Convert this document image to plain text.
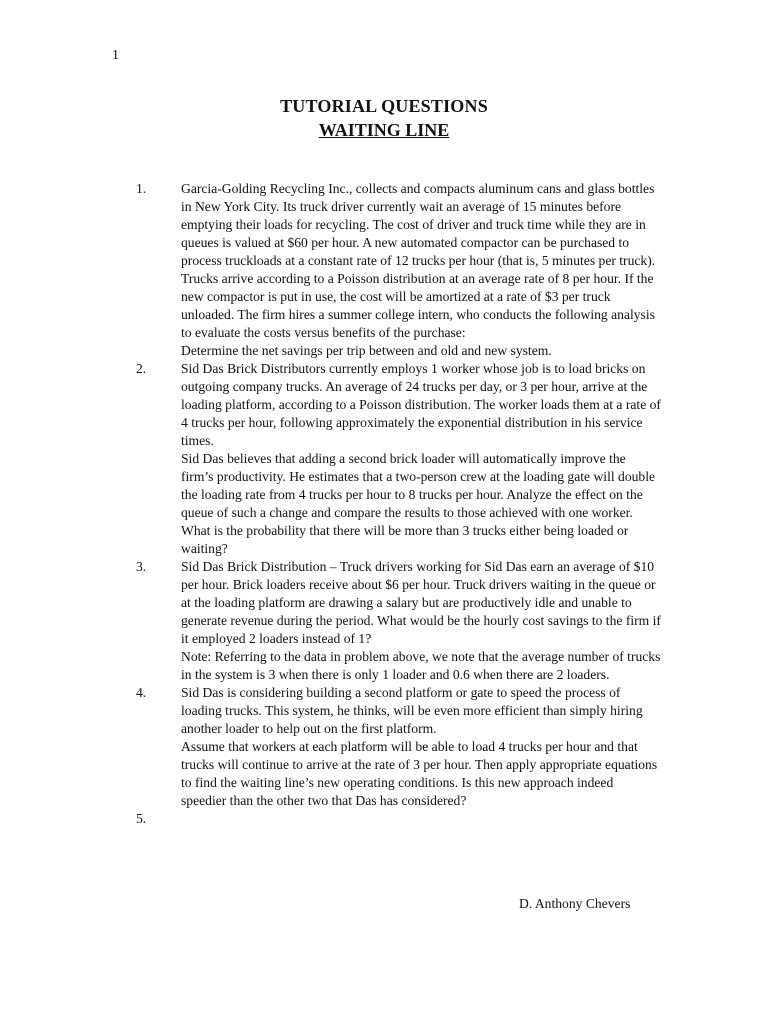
1
TUTORIAL QUESTIONS
WAITING LINE
1.	Garcia-Golding Recycling Inc., collects and compacts aluminum cans and glass bottles in New York City. Its truck driver currently wait an average of 15 minutes before emptying their loads for recycling. The cost of driver and truck time while they are in queues is valued at $60 per hour. A new automated compactor can be purchased to process truckloads at a constant rate of 12 trucks per hour (that is, 5 minutes per truck). Trucks arrive according to a Poisson distribution at an average rate of 8 per hour. If the new compactor is put in use, the cost will be amortized at a rate of $3 per truck unloaded. The firm hires a summer college intern, who conducts the following analysis to evaluate the costs versus benefits of the purchase:

Determine the net savings per trip between and old and new system.

2.	Sid Das Brick Distributors currently employs 1 worker whose job is to load bricks on outgoing company trucks. An average of 24 trucks per day, or 3 per hour, arrive at the loading platform, according to a Poisson distribution. The worker loads them at a rate of 4 trucks per hour, following approximately the exponential distribution in his service times.

Sid Das believes that adding a second brick loader will automatically improve the firm’s productivity. He estimates that a two-person crew at the loading gate will double the loading rate from 4 trucks per hour to 8 trucks per hour. Analyze the effect on the queue of such a change and compare the results to those achieved with one worker. What is the probability that there will be more than 3 trucks either being loaded or waiting?

3.	Sid Das Brick Distribution – Truck drivers working for Sid Das earn an average of $10 per hour. Brick loaders receive about $6 per hour. Truck drivers waiting in the queue or at the loading platform are drawing a salary but are productively idle and unable to generate revenue during the period. What would be the hourly cost savings to the firm if it employed 2 loaders instead of 1?

Note: Referring to the data in problem above, we note that the average number of trucks in the system is 3 when there is only 1 loader and 0.6 when there are 2 loaders.

4.	Sid Das is considering building a second platform or gate to speed the process of loading trucks. This system, he thinks, will be even more efficient than simply hiring another loader to help out on the first platform.

Assume that workers at each platform will be able to load 4 trucks per hour and that trucks will continue to arrive at the rate of 3 per hour. Then apply appropriate equations to find the waiting line’s new operating conditions. Is this new approach indeed speedier than the other two that Das has considered?

5.

D. Anthony Chevers
